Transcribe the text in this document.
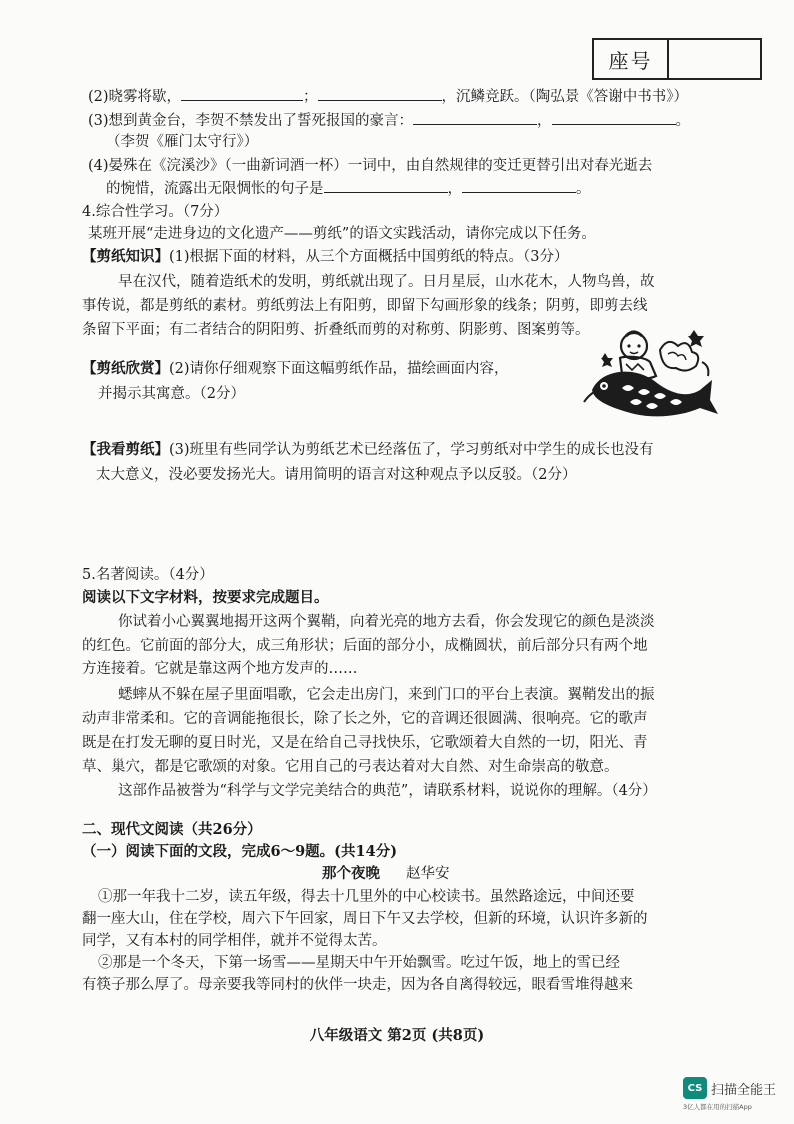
座号
(2)晓雾将歇，	；	，沉鳞竞跃。（陶弘景《答谢中书书》）
(3)想到黄金台，李贺不禁发出了誓死报国的豪言：	，	。
（李贺《雁门太守行》）
(4)晏殊在《浣溪沙》（一曲新词酒一杯）一词中，由自然规律的变迁更替引出对春光逝去
的惋惜，流露出无限惆怅的句子是	，	。
4.综合性学习。（7分）
某班开展“走进身边的文化遗产——剪纸”的语文实践活动，请你完成以下任务。
【剪纸知识】(1)根据下面的材料，从三个方面概括中国剪纸的特点。（3分）
早在汉代，随着造纸术的发明，剪纸就出现了。日月星辰，山水花木，人物鸟兽，故
事传说，都是剪纸的素材。剪纸剪法上有阳剪，即留下勾画形象的线条；阴剪，即剪去线
条留下平面；有二者结合的阴阳剪、折叠纸而剪的对称剪、阴影剪、图案剪等。
【剪纸欣赏】(2)请你仔细观察下面这幅剪纸作品，描绘画面内容，
并揭示其寓意。（2分）
【我看剪纸】(3)班里有些同学认为剪纸艺术已经落伍了，学习剪纸对中学生的成长也没有
太大意义，没必要发扬光大。请用简明的语言对这种观点予以反驳。（2分）
5.名著阅读。（4分）
阅读以下文字材料，按要求完成题目。
你试着小心翼翼地揭开这两个翼鞘，向着光亮的地方去看，你会发现它的颜色是淡淡
的红色。它前面的部分大，成三角形状；后面的部分小，成椭圆状，前后部分只有两个地
方连接着。它就是靠这两个地方发声的……
蟋蟀从不躲在屋子里面唱歌，它会走出房门，来到门口的平台上表演。翼鞘发出的振
动声非常柔和。它的音调能拖很长，除了长之外，它的音调还很圆满、很响亮。它的歌声
既是在打发无聊的夏日时光，又是在给自己寻找快乐，它歌颂着大自然的一切，阳光、青
草、巢穴，都是它歌颂的对象。它用自己的弓表达着对大自然、对生命崇高的敬意。
这部作品被誉为“科学与文学完美结合的典范”，请联系材料，说说你的理解。（4分）
二、现代文阅读（共26分）
（一）阅读下面的文段，完成6～9题。(共14分)
那个夜晚 赵华安
①那一年我十二岁，读五年级，得去十几里外的中心校读书。虽然路途远，中间还要
翻一座大山，住在学校，周六下午回家，周日下午又去学校，但新的环境，认识许多新的
同学，又有本村的同学相伴，就并不觉得太苦。
②那是一个冬天，下第一场雪——星期天中午开始飘雪。吃过午饭，地上的雪已经
有筷子那么厚了。母亲要我等同村的伙伴一块走，因为各自离得较远，眼看雪堆得越来
八年级语文 第2页 (共8页)
CS 扫描全能王
3亿人都在用的扫描App
